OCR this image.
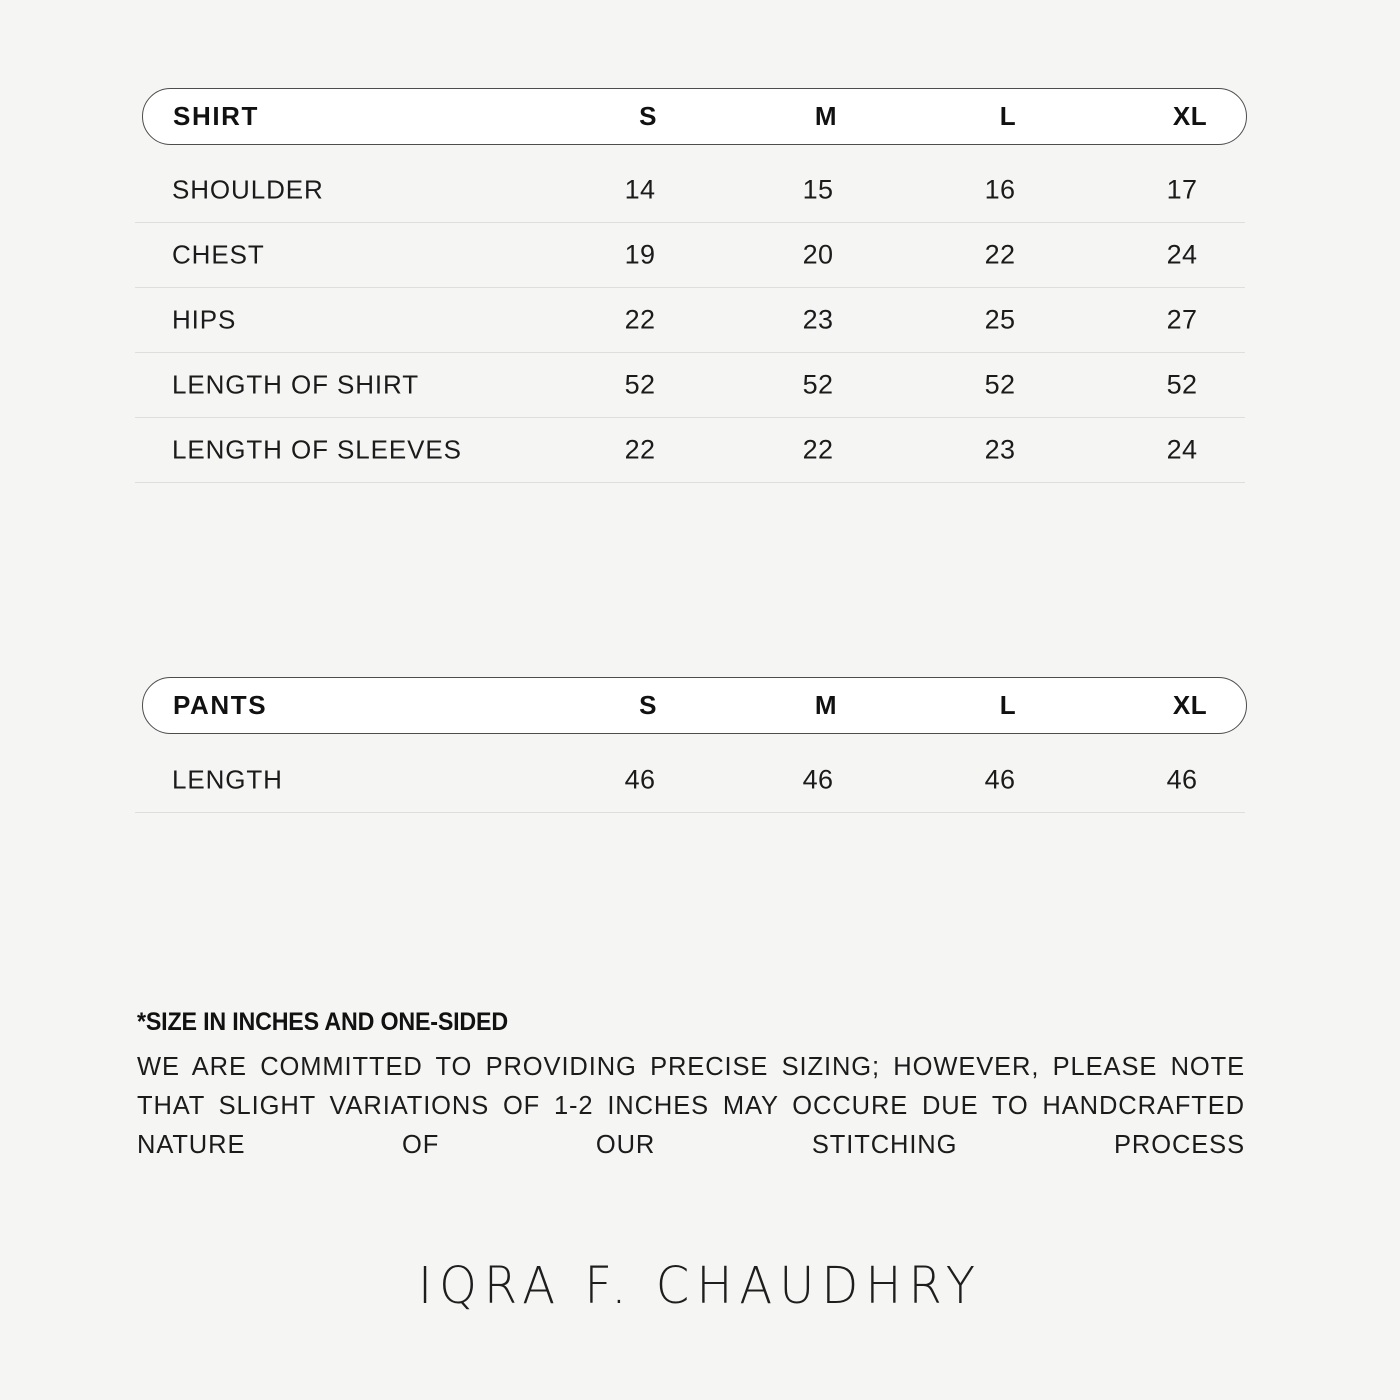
SHIRT	S	M	L	XL
SHOULDER	14	15	16	17
CHEST	19	20	22	24
HIPS	22	23	25	27
LENGTH OF SHIRT	52	52	52	52
LENGTH OF SLEEVES	22	22	23	24
PANTS	S	M	L	XL
LENGTH	46	46	46	46
*SIZE IN INCHES AND ONE-SIDED
WE ARE COMMITTED TO PROVIDING PRECISE SIZING; HOWEVER, PLEASE NOTE THAT SLIGHT VARIATIONS OF 1-2 INCHES MAY OCCURE DUE TO HANDCRAFTED NATURE OF OUR STITCHING PROCESS
IQRA F. CHAUDHRY
